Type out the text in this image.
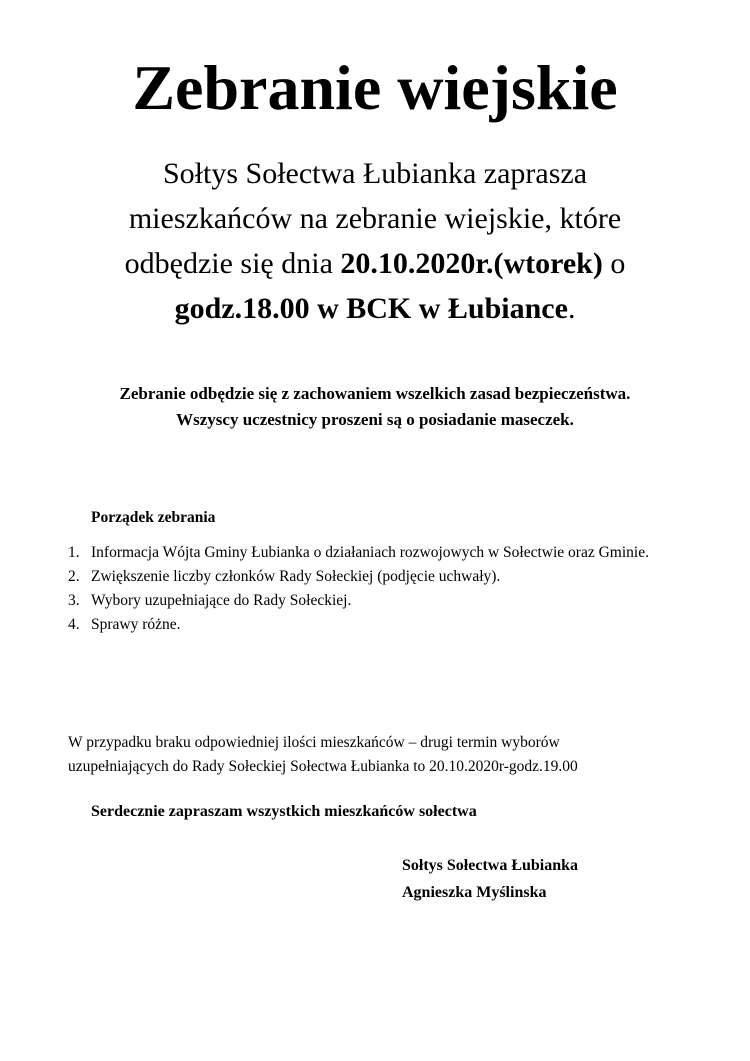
Zebranie wiejskie

Sołtys Sołectwa Łubianka zaprasza
mieszkańców na zebranie wiejskie, które
odbędzie się dnia 20.10.2020r.(wtorek) o
godz.18.00 w BCK w Łubiance.

Zebranie odbędzie się z zachowaniem wszelkich zasad bezpieczeństwa.
Wszyscy uczestnicy proszeni są o posiadanie maseczek.

Porządek zebrania

1. Informacja Wójta Gminy Łubianka o działaniach rozwojowych w Sołectwie oraz Gminie.
2. Zwiększenie liczby członków Rady Sołeckiej (podjęcie uchwały).
3. Wybory uzupełniające do Rady Sołeckiej.
4. Sprawy różne.

W przypadku braku odpowiedniej ilości mieszkańców – drugi termin wyborów
uzupełniających do Rady Sołeckiej Sołectwa Łubianka to 20.10.2020r-godz.19.00

Serdecznie zapraszam wszystkich mieszkańców sołectwa

Sołtys Sołectwa Łubianka
Agnieszka Myślinska
